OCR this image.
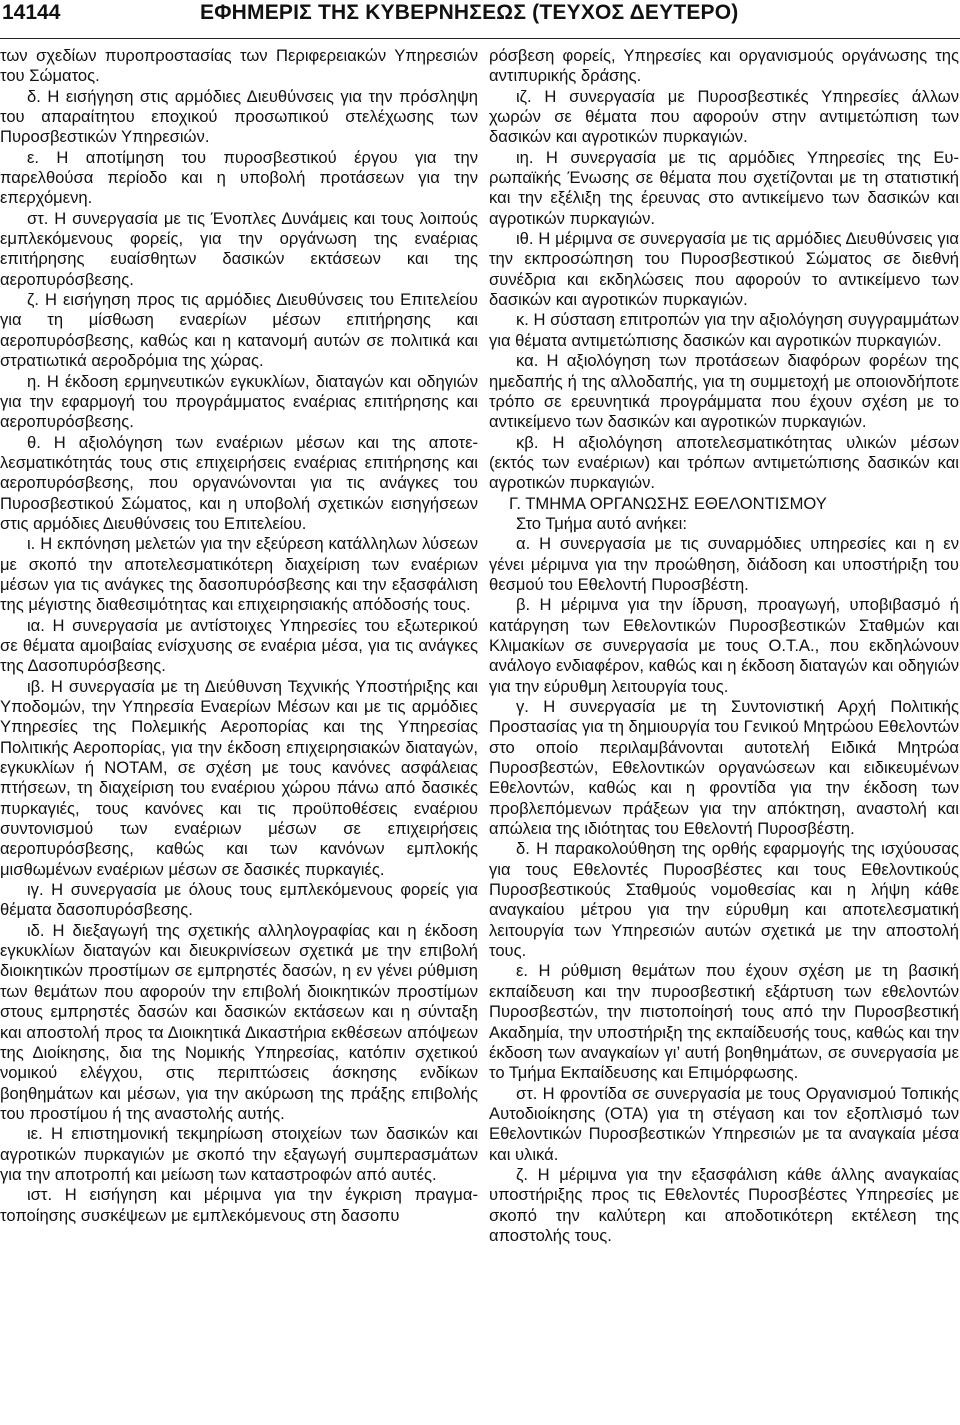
14144	ΕΦΗΜΕΡΙΣ ΤΗΣ ΚΥΒΕΡΝΗΣΕΩΣ (ΤΕΥΧΟΣ ΔΕΥΤΕΡΟ)

των σχεδίων πυροπροστασίας των Περιφερειακών Υπηρεσιών του Σώματος.

δ. Η εισήγηση στις αρμόδιες Διευθύνσεις για την πρόσληψη του απαραίτητου εποχικού προσωπικού στελέχωσης των Πυροσβεστικών Υπηρεσιών.

ε. Η αποτίμηση του πυροσβεστικού έργου για την παρελθούσα περίοδο και η υποβολή προτάσεων για την επερχόμενη.

στ. Η συνεργασία με τις Ένοπλες Δυνάμεις και τους λοιπούς εμπλεκόμενους φορείς, για την οργάνωση της εναέριας επιτήρησης ευαίσθητων δασικών εκτάσεων και της αεροπυρόσβεσης.

ζ. Η εισήγηση προς τις αρμόδιες Διευθύνσεις του Επιτελείου για τη μίσθωση εναερίων μέσων επιτήρησης και αεροπυρόσβεσης, καθώς και η κατανομή αυτών σε πολιτικά και στρατιωτικά αεροδρόμια της χώρας.

η. Η έκδοση ερμηνευτικών εγκυκλίων, διαταγών και οδηγιών για την εφαρμογή του προγράμματος εναέριας επιτήρησης και αεροπυρόσβεσης.

θ. Η αξιολόγηση των εναέριων μέσων και της αποτελεσματικότητάς τους στις επιχειρήσεις εναέριας επιτήρησης και αεροπυρόσβεσης, που οργανώνονται για τις ανάγκες του Πυροσβεστικού Σώματος, και η υποβολή σχετικών εισηγήσεων στις αρμόδιες Διευθύνσεις του Επιτελείου.

ι. Η εκπόνηση μελετών για την εξεύρεση κατάλληλων λύσεων με σκοπό την αποτελεσματικότερη διαχείριση των εναέριων μέσων για τις ανάγκες της δασοπυρόσβεσης και την εξασφάλιση της μέγιστης διαθεσιμότητας και επιχειρησιακής απόδοσής τους.

ια. Η συνεργασία με αντίστοιχες Υπηρεσίες του εξωτερικού σε θέματα αμοιβαίας ενίσχυσης σε εναέρια μέσα, για τις ανάγκες της Δασοπυρόσβεσης.

ιβ. Η συνεργασία με τη Διεύθυνση Τεχνικής Υποστήριξης και Υποδομών, την Υπηρεσία Εναερίων Μέσων και με τις αρμόδιες Υπηρεσίες της Πολεμικής Αεροπορίας και της Υπηρεσίας Πολιτικής Αεροπορίας, για την έκδοση επιχειρησιακών διαταγών, εγκυκλίων ή NOTAM, σε σχέση με τους κανόνες ασφάλειας πτήσεων, τη διαχείριση του εναέριου χώρου πάνω από δασικές πυρκαγιές, τους κανόνες και τις προϋποθέσεις εναέριου συντονισμού των εναέριων μέσων σε επιχειρήσεις αεροπυρόσβεσης, καθώς και των κανόνων εμπλοκής μισθωμένων εναέριων μέσων σε δασικές πυρκαγιές.

ιγ. Η συνεργασία με όλους τους εμπλεκόμενους φορείς για θέματα δασοπυρόσβεσης.

ιδ. Η διεξαγωγή της σχετικής αλληλογραφίας και η έκδοση εγκυκλίων διαταγών και διευκρινίσεων σχετικά με την επιβολή διοικητικών προστίμων σε εμπρηστές δασών, η εν γένει ρύθμιση των θεμάτων που αφορούν την επιβολή διοικητικών προστίμων στους εμπρηστές δασών και δασικών εκτάσεων και η σύνταξη και αποστολή προς τα Διοικητικά Δικαστήρια εκθέσεων απόψεων της Διοίκησης, δια της Νομικής Υπηρεσίας, κατόπιν σχετικού νομικού ελέγχου, στις περιπτώσεις άσκησης ενδίκων βοηθημάτων και μέσων, για την ακύρωση της πράξης επιβολής του προστίμου ή της αναστολής αυτής.

ιε. Η επιστημονική τεκμηρίωση στοιχείων των δασικών και αγροτικών πυρκαγιών με σκοπό την εξαγωγή συμπερασμάτων για την αποτροπή και μείωση των καταστροφών από αυτές.

ιστ. Η εισήγηση και μέριμνα για την έγκριση πραγματοποίησης συσκέψεων με εμπλεκόμενους στη δασοπυ

ρόσβεση φορείς, Υπηρεσίες και οργανισμούς οργάνωσης της αντιπυρικής δράσης.

ιζ. Η συνεργασία με Πυροσβεστικές Υπηρεσίες άλλων χωρών σε θέματα που αφορούν στην αντιμετώπιση των δασικών και αγροτικών πυρκαγιών.

ιη. Η συνεργασία με τις αρμόδιες Υπηρεσίες της Ευρωπαϊκής Ένωσης σε θέματα που σχετίζονται με τη στατιστική και την εξέλιξη της έρευνας στο αντικείμενο των δασικών και αγροτικών πυρκαγιών.

ιθ. Η μέριμνα σε συνεργασία με τις αρμόδιες Διευθύνσεις για την εκπροσώπηση του Πυροσβεστικού Σώματος σε διεθνή συνέδρια και εκδηλώσεις που αφορούν το αντικείμενο των δασικών και αγροτικών πυρκαγιών.

κ. Η σύσταση επιτροπών για την αξιολόγηση συγγραμμάτων για θέματα αντιμετώπισης δασικών και αγροτικών πυρκαγιών.

κα. Η αξιολόγηση των προτάσεων διαφόρων φορέων της ημεδαπής ή της αλλοδαπής, για τη συμμετοχή με οποιονδήποτε τρόπο σε ερευνητικά προγράμματα που έχουν σχέση με το αντικείμενο των δασικών και αγροτικών πυρκαγιών.

κβ. Η αξιολόγηση αποτελεσματικότητας υλικών μέσων (εκτός των εναέριων) και τρόπων αντιμετώπισης δασικών και αγροτικών πυρκαγιών.

Γ. ΤΜΗΜΑ ΟΡΓΑΝΩΣΗΣ ΕΘΕΛΟΝΤΙΣΜΟΥ

Στο Τμήμα αυτό ανήκει:

α. Η συνεργασία με τις συναρμόδιες υπηρεσίες και η εν γένει μέριμνα για την προώθηση, διάδοση και υποστήριξη του θεσμού του Εθελοντή Πυροσβέστη.

β. Η μέριμνα για την ίδρυση, προαγωγή, υποβιβασμό ή κατάργηση των Εθελοντικών Πυροσβεστικών Σταθμών και Κλιμακίων σε συνεργασία με τους Ο.Τ.Α., που εκδηλώνουν ανάλογο ενδιαφέρον, καθώς και η έκδοση διαταγών και οδηγιών για την εύρυθμη λειτουργία τους.

γ. Η συνεργασία με τη Συντονιστική Αρχή Πολιτικής Προστασίας για τη δημιουργία του Γενικού Μητρώου Εθελοντών στο οποίο περιλαμβάνονται αυτοτελή Ειδικά Μητρώα Πυροσβεστών, Εθελοντικών οργανώσεων και ειδικευμένων Εθελοντών, καθώς και η φροντίδα για την έκδοση των προβλεπόμενων πράξεων για την απόκτηση, αναστολή και απώλεια της ιδιότητας του Εθελοντή Πυροσβέστη.

δ. Η παρακολούθηση της ορθής εφαρμογής της ισχύουσας για τους Εθελοντές Πυροσβέστες και τους Εθελοντικούς Πυροσβεστικούς Σταθμούς νομοθεσίας και η λήψη κάθε αναγκαίου μέτρου για την εύρυθμη και αποτελεσματική λειτουργία των Υπηρεσιών αυτών σχετικά με την αποστολή τους.

ε. Η ρύθμιση θεμάτων που έχουν σχέση με τη βασική εκπαίδευση και την πυροσβεστική εξάρτυση των εθελοντών Πυροσβεστών, την πιστοποίησή τους από την Πυροσβεστική Ακαδημία, την υποστήριξη της εκπαίδευσής τους, καθώς και την έκδοση των αναγκαίων γι’ αυτή βοηθημάτων, σε συνεργασία με το Τμήμα Εκπαίδευσης και Επιμόρφωσης.

στ. Η φροντίδα σε συνεργασία με τους Οργανισμού Τοπικής Αυτοδιοίκησης (ΟΤΑ) για τη στέγαση και τον εξοπλισμό των Εθελοντικών Πυροσβεστικών Υπηρεσιών με τα αναγκαία μέσα και υλικά.

ζ. Η μέριμνα για την εξασφάλιση κάθε άλλης αναγκαίας υποστήριξης προς τις Εθελοντές Πυροσβέστες Υπηρεσίες με σκοπό την καλύτερη και αποδοτικότερη εκτέλεση της αποστολής τους.
